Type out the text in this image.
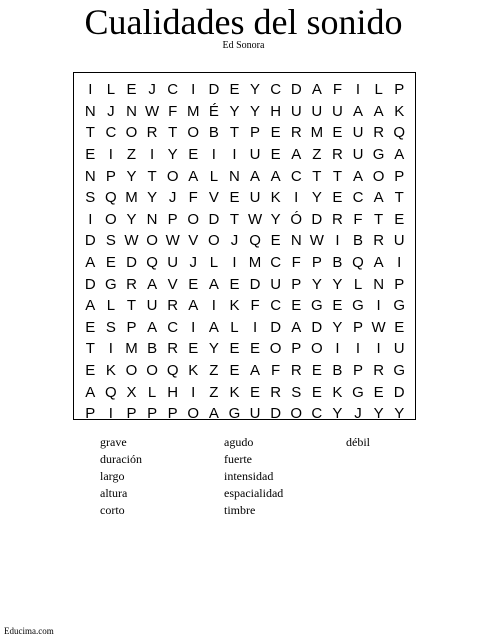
Cualidades del sonido
Ed Sonora
I L E J C I D E Y C D A F I L P
N J N W F M É Y Y H U U U A A K
T C O R T O B T P E R M E U R Q
E I Z I Y E I	I U E A Z R U G A
N P Y T O A L N A A C T T A O P
S Q M Y J F V E U K I Y E C A T
I O Y N P O D T W Y Ó D R F T E
D S W O W V O J Q E N W I B R U
A E D Q U J L I M C F P B Q A I
D G R A V E A E D U P Y Y L N P
A L T U R A I K F C E G E G I G
E S P A C I A L I D A D Y P W E
T I M B R E Y E E O P O I	I	I U
E K O O Q K Z E A F R E B P R G
A Q X L H I Z K E R S E K G E D
P I P P P O A G U D O C Y J Y Y
grave
duración
largo
altura
corto
agudo
fuerte
intensidad
espacialidad
timbre
débil
Educima.com
